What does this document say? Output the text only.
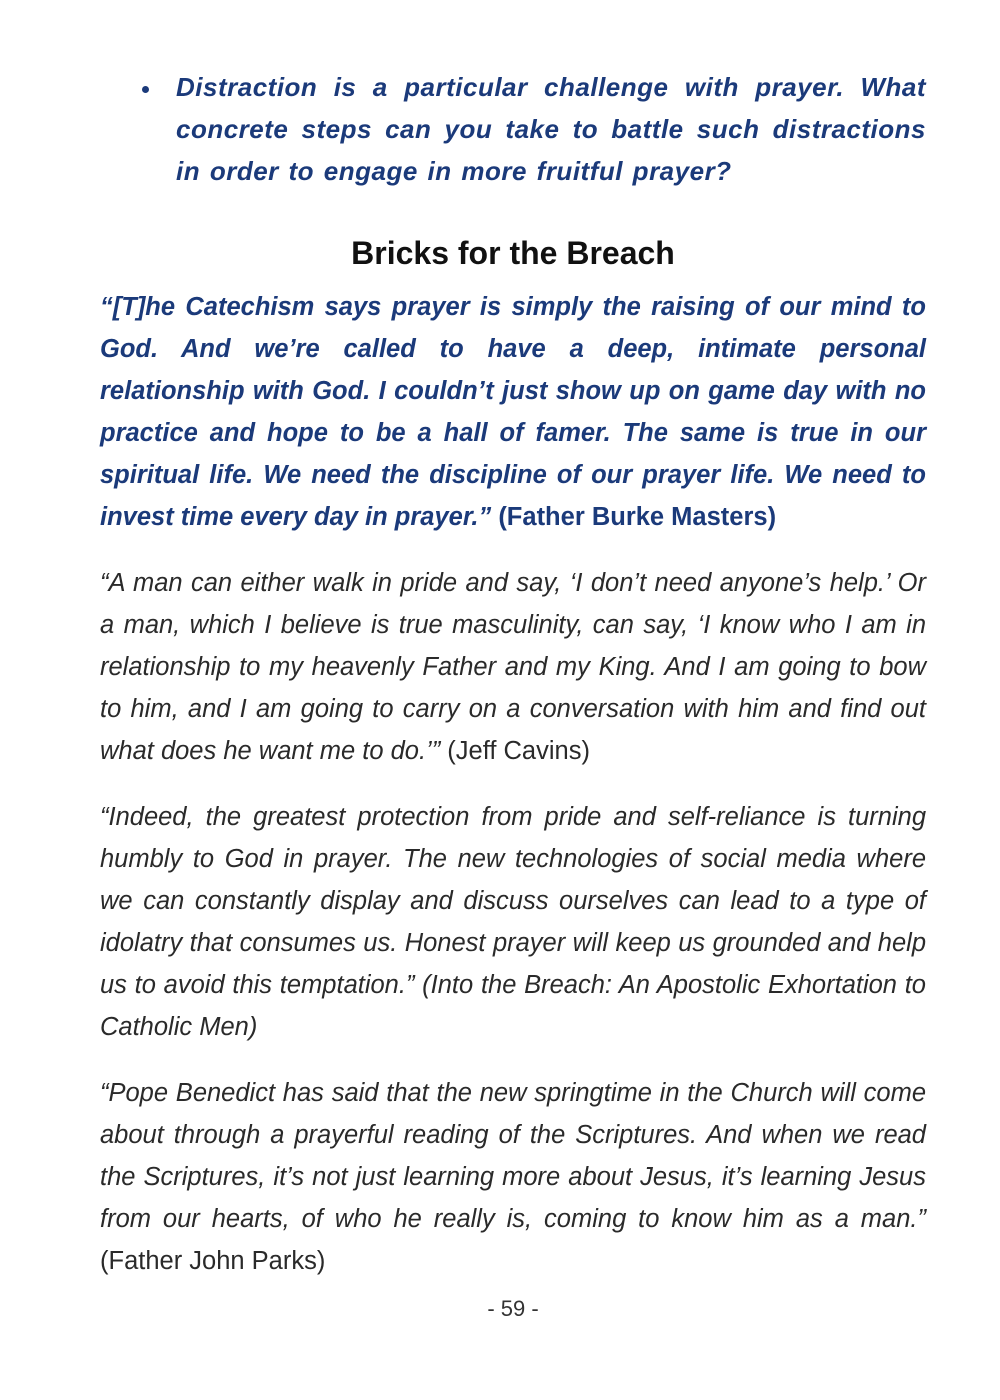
Distraction is a particular challenge with prayer. What concrete steps can you take to battle such distractions in order to engage in more fruitful prayer?

Bricks for the Breach

“[T]he Catechism says prayer is simply the raising of our mind to God. And we’re called to have a deep, intimate personal relationship with God. I couldn’t just show up on game day with no practice and hope to be a hall of famer. The same is true in our spiritual life. We need the discipline of our prayer life. We need to invest time every day in prayer.” (Father Burke Masters)

“A man can either walk in pride and say, ‘I don’t need anyone’s help.’ Or a man, which I believe is true masculinity, can say, ‘I know who I am in relationship to my heavenly Father and my King. And I am going to bow to him, and I am going to carry on a conversation with him and find out what does he want me to do.’” (Jeff Cavins)

“Indeed, the greatest protection from pride and self-reliance is turning humbly to God in prayer. The new technologies of social media where we can constantly display and discuss ourselves can lead to a type of idolatry that consumes us. Honest prayer will keep us grounded and help us to avoid this temptation.” (Into the Breach: An Apostolic Exhortation to Catholic Men)

“Pope Benedict has said that the new springtime in the Church will come about through a prayerful reading of the Scriptures. And when we read the Scriptures, it’s not just learning more about Jesus, it’s learning Jesus from our hearts, of who he really is, coming to know him as a man.” (Father John Parks)

- 59 -
